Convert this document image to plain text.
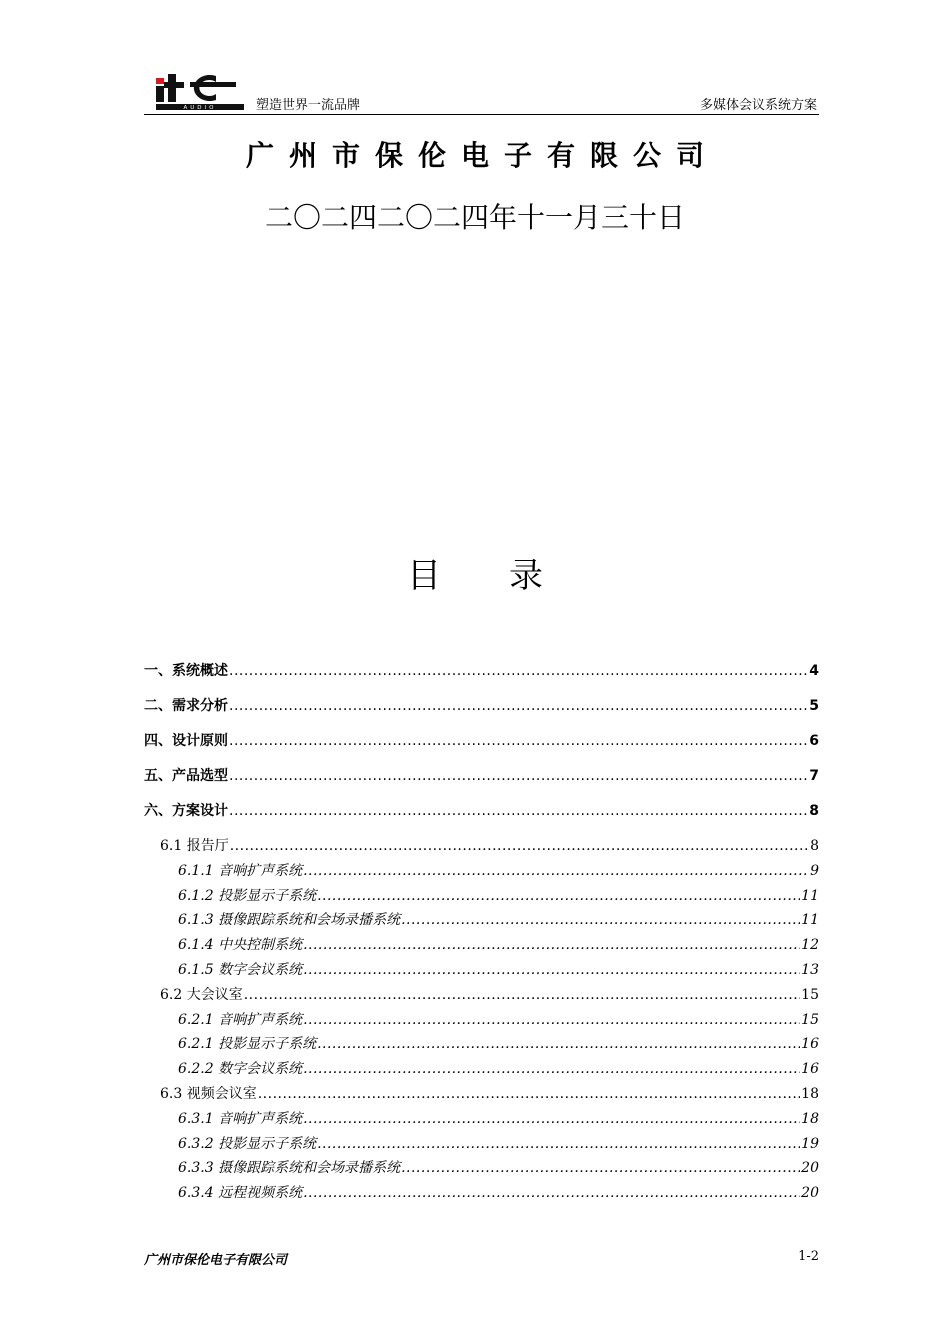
AUDIO	塑造世界一流品牌	多媒体会议系统方案
广州市保伦电子有限公司
二〇二四二〇二四年十一月三十日
目　　录
一、系统概述 .....	4
二、需求分析 .....	5
四、设计原则 .....	6
五、产品选型 .....	7
六、方案设计 .....	8
6.1 报告厅 .....	8
6.1.1 音响扩声系统 .....	9
6.1.2 投影显示子系统 .....	11
6.1.3 摄像跟踪系统和会场录播系统 .....	11
6.1.4 中央控制系统 .....	12
6.1.5 数字会议系统 .....	13
6.2 大会议室 .....	15
6.2.1 音响扩声系统 .....	15
6.2.1 投影显示子系统 .....	16
6.2.2 数字会议系统 .....	16
6.3 视频会议室 .....	18
6.3.1 音响扩声系统 .....	18
6.3.2 投影显示子系统 .....	19
6.3.3 摄像跟踪系统和会场录播系统 .....	20
6.3.4 远程视频系统 .....	20
广州市保伦电子有限公司	1-2
